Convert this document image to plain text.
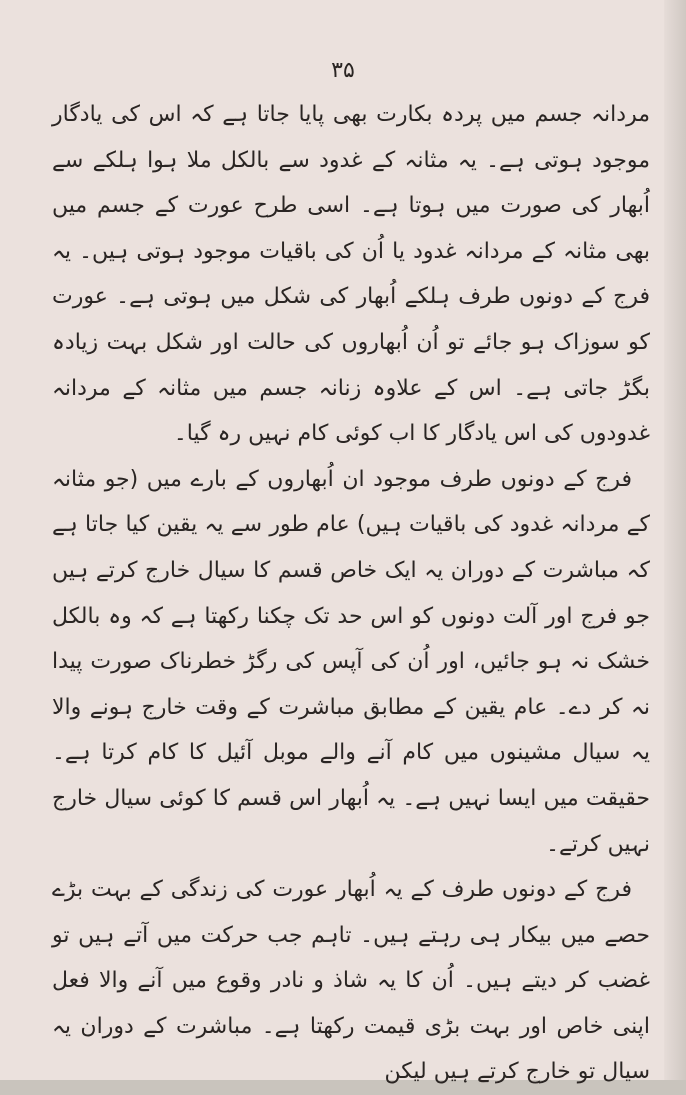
۳۵

مردانہ جسم میں پردہ بکارت بھی پایا جاتا ہے کہ اس کی یادگار موجود ہوتی ہے۔ یہ مثانہ کے غدود سے بالکل ملا ہوا ہلکے سے اُبھار کی صورت میں ہوتا ہے۔ اسی طرح عورت کے جسم میں بھی مثانہ کے مردانہ غدود یا اُن کی باقیات موجود ہوتی ہیں۔ یہ فرج کے دونوں طرف ہلکے اُبھار کی شکل میں ہوتی ہے۔ عورت کو سوزاک ہو جائے تو اُن اُبھاروں کی حالت اور شکل بہت زیادہ بگڑ جاتی ہے۔ اس کے علاوہ زنانہ جسم میں مثانہ کے مردانہ غدودوں کی اس یادگار کا اب کوئی کام نہیں رہ گیا۔

فرج کے دونوں طرف موجود ان اُبھاروں کے بارے میں (جو مثانہ کے مردانہ غدود کی باقیات ہیں) عام طور سے یہ یقین کیا جاتا ہے کہ مباشرت کے دوران یہ ایک خاص قسم کا سیال خارج کرتے ہیں جو فرج اور آلت دونوں کو اس حد تک چکنا رکھتا ہے کہ وہ بالکل خشک نہ ہو جائیں، اور اُن کی آپس کی رگڑ خطرناک صورت پیدا نہ کر دے۔ عام یقین کے مطابق مباشرت کے وقت خارج ہونے والا یہ سیال مشینوں میں کام آنے والے موبل آئیل کا کام کرتا ہے۔ حقیقت میں ایسا نہیں ہے۔ یہ اُبھار اس قسم کا کوئی سیال خارج نہیں کرتے۔

فرج کے دونوں طرف کے یہ اُبھار عورت کی زندگی کے بہت بڑے حصے میں بیکار ہی رہتے ہیں۔ تاہم جب حرکت میں آتے ہیں تو غضب کر دیتے ہیں۔ اُن کا یہ شاذ و نادر وقوع میں آنے والا فعل اپنی خاص اور بہت بڑی قیمت رکھتا ہے۔ مباشرت کے دوران یہ سیال تو خارج کرتے ہیں لیکن
